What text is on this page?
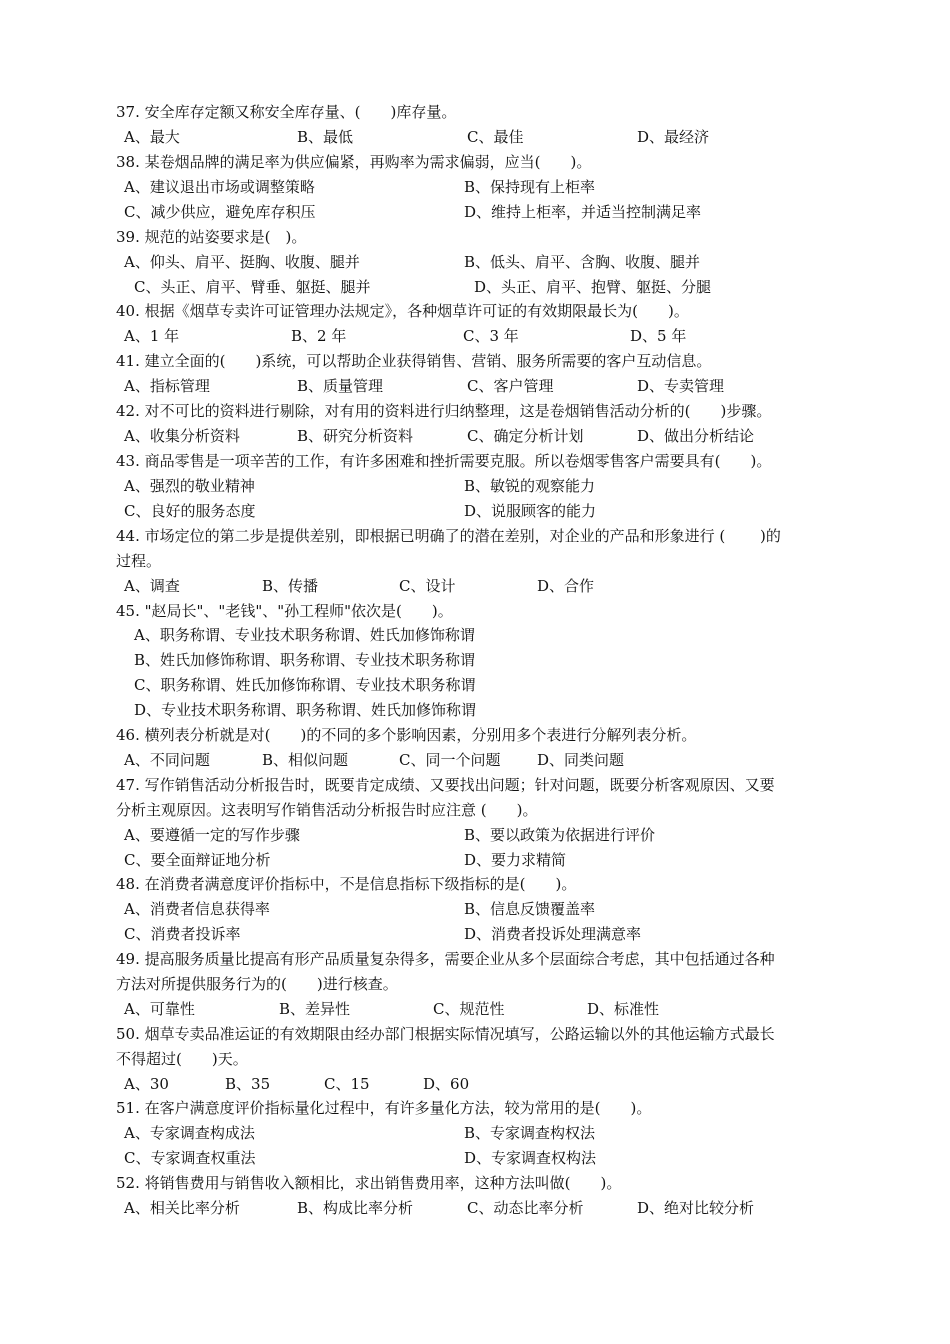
37. 安全库存定额又称安全库存量、(　　)库存量。
A、最大	B、最低	C、最佳	D、最经济
38. 某卷烟品牌的满足率为供应偏紧，再购率为需求偏弱，应当(　　)。
A、建议退出市场或调整策略	B、保持现有上柜率
C、减少供应，避免库存积压	D、维持上柜率，并适当控制满足率
39. 规范的站姿要求是(　)。
A、仰头、肩平、挺胸、收腹、腿并	B、低头、肩平、含胸、收腹、腿并
C、头正、肩平、臂垂、躯挺、腿并	D、头正、肩平、抱臂、躯挺、分腿
40. 根据《烟草专卖许可证管理办法规定》，各种烟草许可证的有效期限最长为(　　)。
A、1 年	B、2 年	C、3 年	D、5 年
41. 建立全面的(　　)系统，可以帮助企业获得销售、营销、服务所需要的客户互动信息。
A、指标管理	B、质量管理	C、客户管理	D、专卖管理
42. 对不可比的资料进行剔除，对有用的资料进行归纳整理，这是卷烟销售活动分析的(　　)步骤。
A、收集分析资料	B、研究分析资料	C、确定分析计划	D、做出分析结论
43. 商品零售是一项辛苦的工作，有许多困难和挫折需要克服。所以卷烟零售客户需要具有(　　)。
A、强烈的敬业精神	B、敏锐的观察能力
C、良好的服务态度	D、说服顾客的能力
44. 市场定位的第二步是提供差别，即根据已明确了的潜在差别，对企业的产品和形象进行 (　　 )的
过程。
A、调查	B、传播	C、设计	D、合作
45. "赵局长"、"老钱"、"孙工程师"依次是(　　)。
A、职务称谓、专业技术职务称谓、姓氏加修饰称谓
B、姓氏加修饰称谓、职务称谓、专业技术职务称谓
C、职务称谓、姓氏加修饰称谓、专业技术职务称谓
D、专业技术职务称谓、职务称谓、姓氏加修饰称谓
46. 横列表分析就是对(　　)的不同的多个影响因素，分别用多个表进行分解列表分析。
A、不同问题	B、相似问题	C、同一个问题 D、同类问题
47. 写作销售活动分析报告时，既要肯定成绩、又要找出问题；针对问题，既要分析客观原因、又要
分析主观原因。这表明写作销售活动分析报告时应注意 (　　)。
A、要遵循一定的写作步骤	B、要以政策为依据进行评价
C、要全面辩证地分析	D、要力求精简
48. 在消费者满意度评价指标中，不是信息指标下级指标的是(　　)。
A、消费者信息获得率	B、信息反馈覆盖率
C、消费者投诉率	D、消费者投诉处理满意率
49. 提高服务质量比提高有形产品质量复杂得多，需要企业从多个层面综合考虑，其中包括通过各种
方法对所提供服务行为的(　　)进行核查。
A、可靠性	B、差异性	C、规范性	D、标准性
50. 烟草专卖品准运证的有效期限由经办部门根据实际情况填写，公路运输以外的其他运输方式最长
不得超过(　　)天。
A、30	B、35	C、15	D、60
51. 在客户满意度评价指标量化过程中，有许多量化方法，较为常用的是(　　)。
A、专家调查构成法	B、专家调查构权法
C、专家调查权重法	D、专家调查权构法
52. 将销售费用与销售收入额相比，求出销售费用率，这种方法叫做(　　)。
A、相关比率分析	B、构成比率分析	C、动态比率分析	D、绝对比较分析
